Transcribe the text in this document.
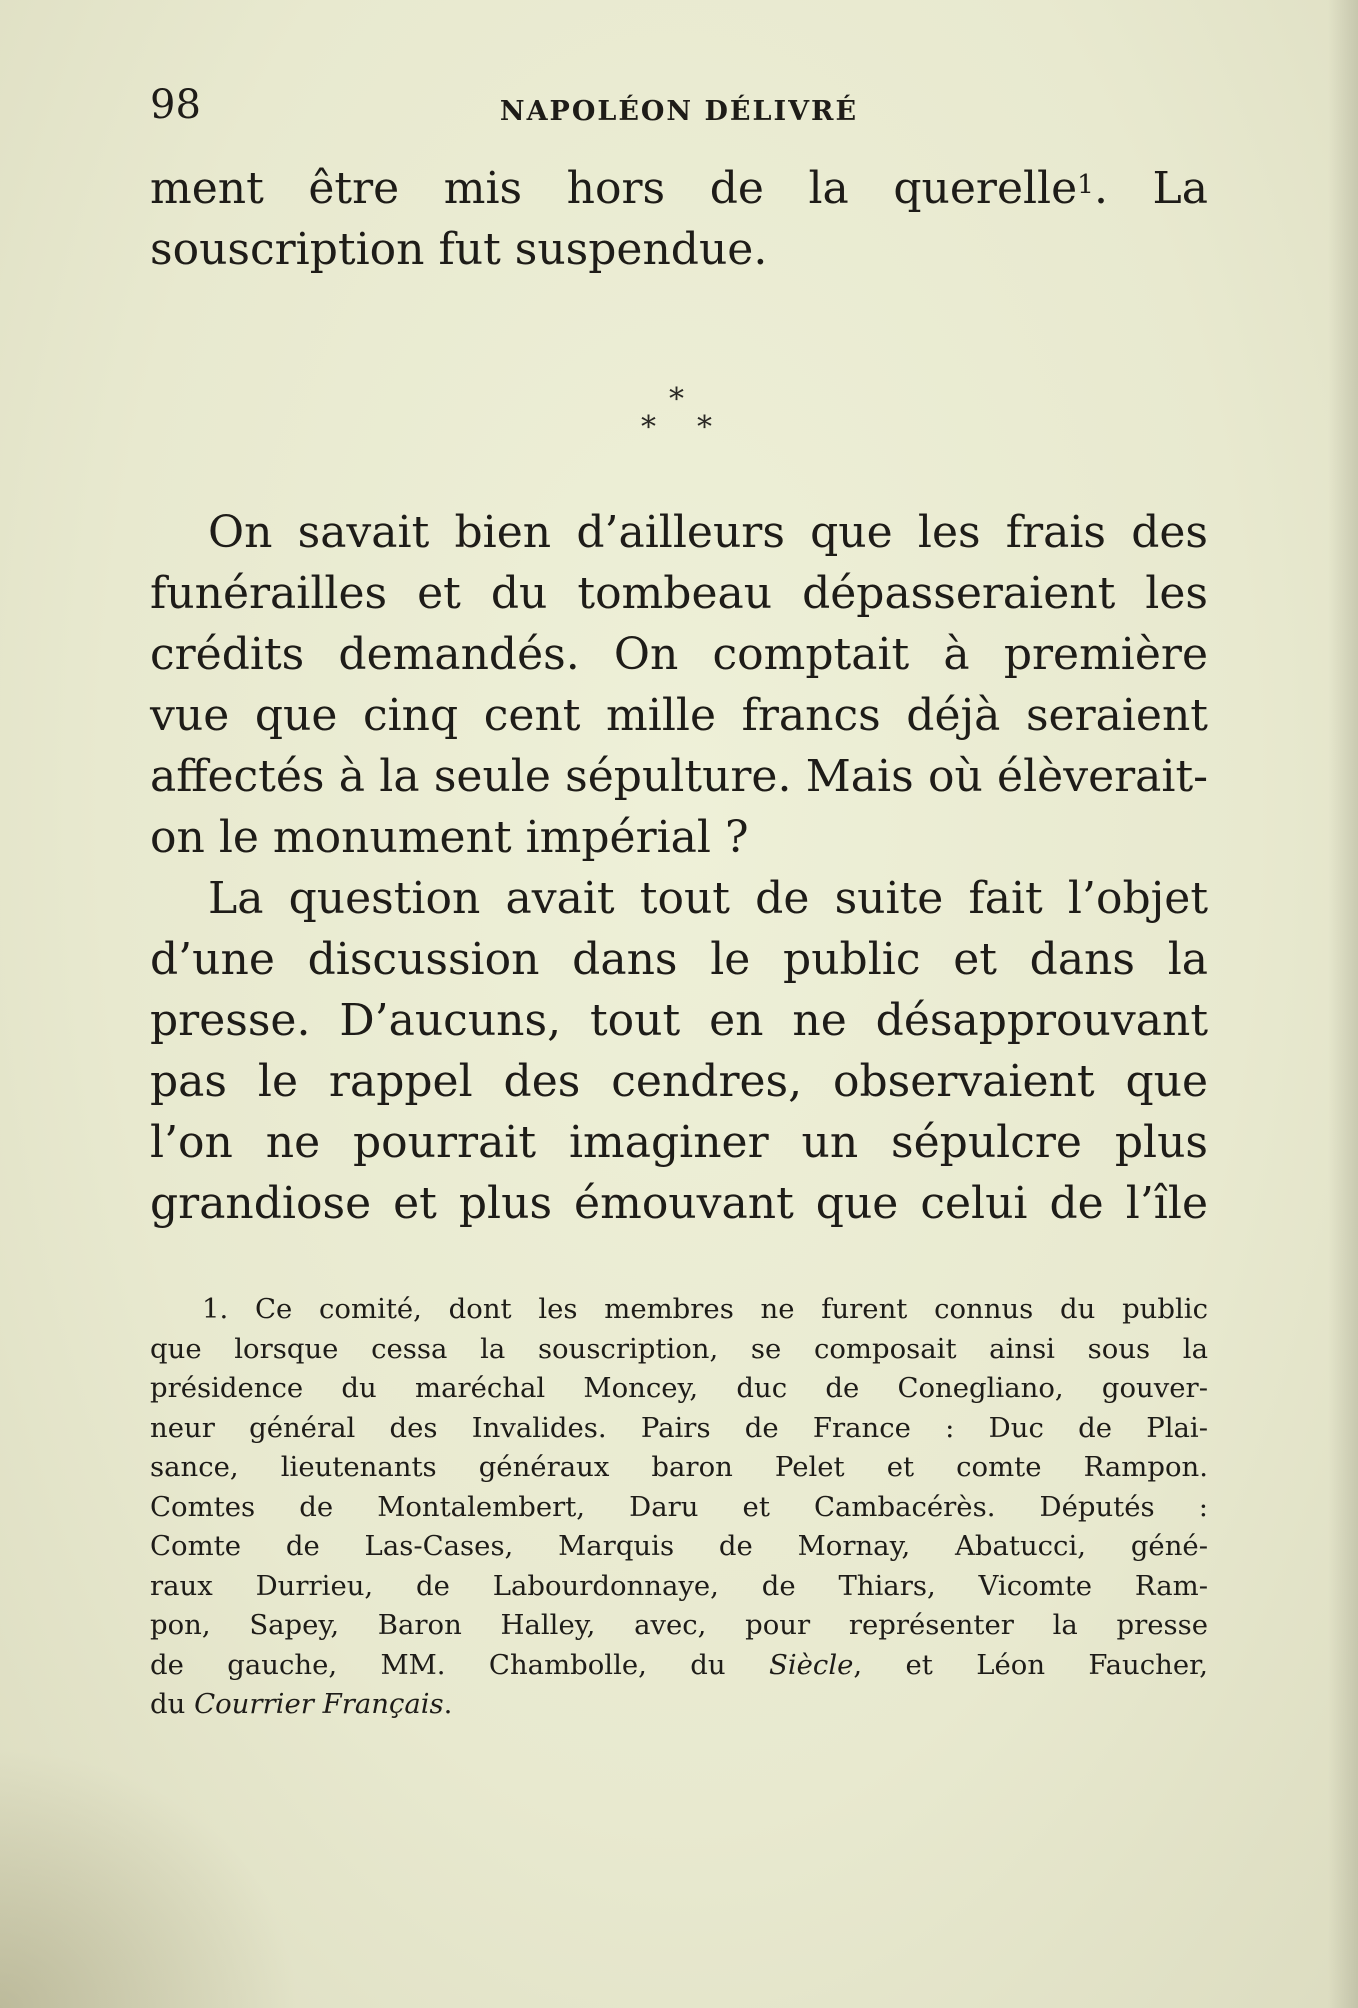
98	NAPOLÉON DÉLIVRÉ
ment être mis hors de la querelle$^1$. La
souscription fut suspendue.
*
* *
On savait bien d’ailleurs que les frais des
funérailles et du tombeau dépasseraient les
crédits demandés. On comptait à première
vue que cinq cent mille francs déjà seraient
affectés à la seule sépulture. Mais où élèverait-
on le monument impérial ?
La question avait tout de suite fait l’objet
d’une discussion dans le public et dans la
presse. D’aucuns, tout en ne désapprouvant
pas le rappel des cendres, observaient que
l’on ne pourrait imaginer un sépulcre plus
grandiose et plus émouvant que celui de l’île
1. Ce comité, dont les membres ne furent connus du public
que lorsque cessa la souscription, se composait ainsi sous la
présidence du maréchal Moncey, duc de Conegliano, gouver-
neur général des Invalides. Pairs de France : Duc de Plai-
sance, lieutenants généraux baron Pelet et comte Rampon.
Comtes de Montalembert, Daru et Cambacérès. Députés :
Comte de Las-Cases, Marquis de Mornay, Abatucci, géné-
raux Durrieu, de Labourdonnaye, de Thiars, Vicomte Ram-
pon, Sapey, Baron Halley, avec, pour représenter la presse
de gauche, MM. Chambolle, du Siècle, et Léon Faucher,
du Courrier Français.
